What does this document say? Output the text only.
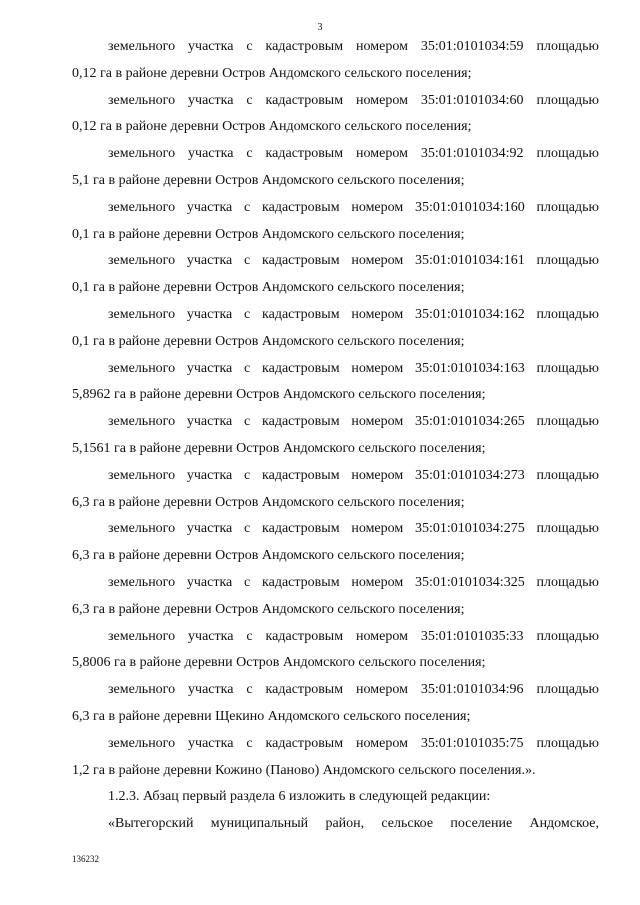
3
земельного участка с кадастровым номером 35:01:0101034:59 площадью
0,12 га в районе деревни Остров Андомского сельского поселения;
земельного участка с кадастровым номером 35:01:0101034:60 площадью
0,12 га в районе деревни Остров Андомского сельского поселения;
земельного участка с кадастровым номером 35:01:0101034:92 площадью
5,1 га в районе деревни Остров Андомского сельского поселения;
земельного участка с кадастровым номером 35:01:0101034:160 площадью
0,1 га в районе деревни Остров Андомского сельского поселения;
земельного участка с кадастровым номером 35:01:0101034:161 площадью
0,1 га в районе деревни Остров Андомского сельского поселения;
земельного участка с кадастровым номером 35:01:0101034:162 площадью
0,1 га в районе деревни Остров Андомского сельского поселения;
земельного участка с кадастровым номером 35:01:0101034:163 площадью
5,8962 га в районе деревни Остров Андомского сельского поселения;
земельного участка с кадастровым номером 35:01:0101034:265 площадью
5,1561 га в районе деревни Остров Андомского сельского поселения;
земельного участка с кадастровым номером 35:01:0101034:273 площадью
6,3 га в районе деревни Остров Андомского сельского поселения;
земельного участка с кадастровым номером 35:01:0101034:275 площадью
6,3 га в районе деревни Остров Андомского сельского поселения;
земельного участка с кадастровым номером 35:01:0101034:325 площадью
6,3 га в районе деревни Остров Андомского сельского поселения;
земельного участка с кадастровым номером 35:01:0101035:33 площадью
5,8006 га в районе деревни Остров Андомского сельского поселения;
земельного участка с кадастровым номером 35:01:0101034:96 площадью
6,3 га в районе деревни Щекино Андомского сельского поселения;
земельного участка с кадастровым номером 35:01:0101035:75 площадью
1,2 га в районе деревни Кожино (Паново) Андомского сельского поселения.».
1.2.3. Абзац первый раздела 6 изложить в следующей редакции:
«Вытегорский муниципальный район, сельское поселение Андомское,
136232
